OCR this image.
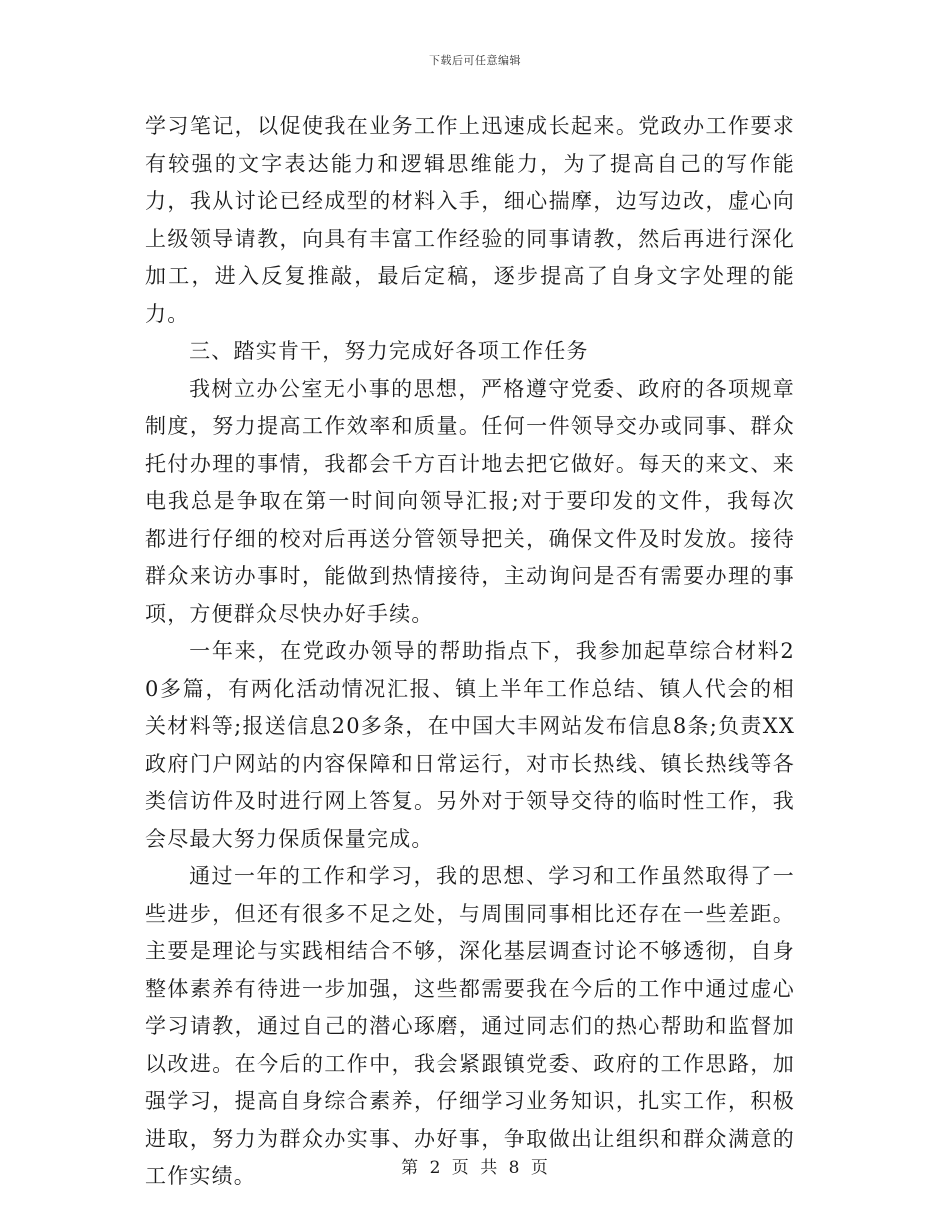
下载后可任意编辑

学习笔记，以促使我在业务工作上迅速成长起来。党政办工作要求有较强的文字表达能力和逻辑思维能力，为了提高自己的写作能力，我从讨论已经成型的材料入手，细心揣摩，边写边改，虚心向上级领导请教，向具有丰富工作经验的同事请教，然后再进行深化加工，进入反复推敲，最后定稿，逐步提高了自身文字处理的能力。

三、踏实肯干，努力完成好各项工作任务

我树立办公室无小事的思想，严格遵守党委、政府的各项规章制度，努力提高工作效率和质量。任何一件领导交办或同事、群众托付办理的事情，我都会千方百计地去把它做好。每天的来文、来电我总是争取在第一时间向领导汇报;对于要印发的文件，我每次都进行仔细的校对后再送分管领导把关，确保文件及时发放。接待群众来访办事时，能做到热情接待，主动询问是否有需要办理的事项，方便群众尽快办好手续。

一年来，在党政办领导的帮助指点下，我参加起草综合材料20多篇，有两化活动情况汇报、镇上半年工作总结、镇人代会的相关材料等;报送信息20多条，在中国大丰网站发布信息8条;负责XX政府门户网站的内容保障和日常运行，对市长热线、镇长热线等各类信访件及时进行网上答复。另外对于领导交待的临时性工作，我会尽最大努力保质保量完成。

通过一年的工作和学习，我的思想、学习和工作虽然取得了一些进步，但还有很多不足之处，与周围同事相比还存在一些差距。主要是理论与实践相结合不够，深化基层调查讨论不够透彻，自身整体素养有待进一步加强，这些都需要我在今后的工作中通过虚心学习请教，通过自己的潜心琢磨，通过同志们的热心帮助和监督加以改进。在今后的工作中，我会紧跟镇党委、政府的工作思路，加强学习，提高自身综合素养，仔细学习业务知识，扎实工作，积极进取，努力为群众办实事、办好事，争取做出让组织和群众满意的工作实绩。	第 2 页 共 8 页
